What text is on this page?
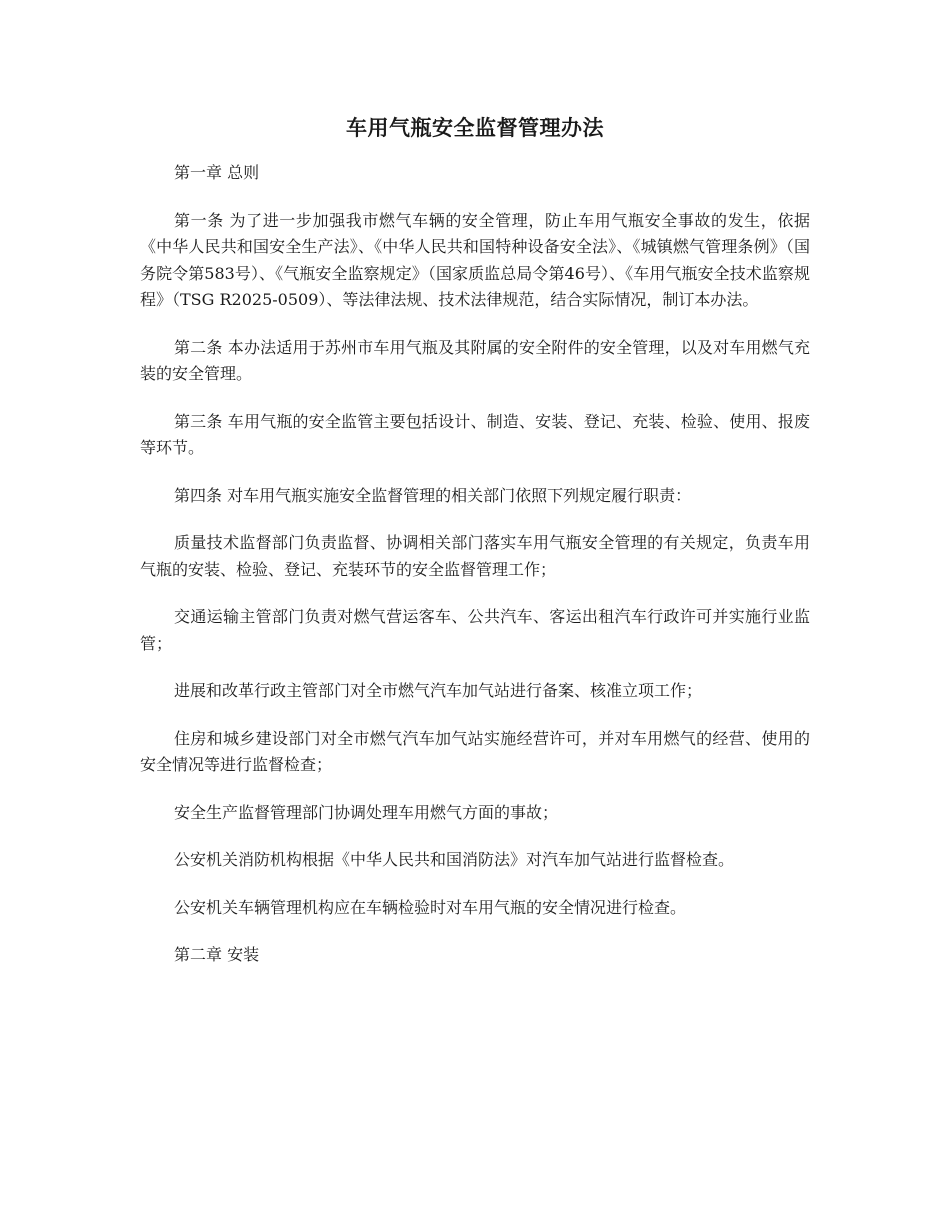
车用气瓶安全监督管理办法

第一章 总则

第一条 为了进一步加强我市燃气车辆的安全管理，防止车用气瓶安全事故的发生，依据《中华人民共和国安全生产法》、《中华人民共和国特种设备安全法》、《城镇燃气管理条例》（国务院令第583号）、《气瓶安全监察规定》（国家质监总局令第46号）、《车用气瓶安全技术监察规程》（TSG R2025-0509）、等法律法规、技术法律规范，结合实际情况，制订本办法。

第二条 本办法适用于苏州市车用气瓶及其附属的安全附件的安全管理，以及对车用燃气充装的安全管理。

第三条 车用气瓶的安全监管主要包括设计、制造、安装、登记、充装、检验、使用、报废等环节。

第四条 对车用气瓶实施安全监督管理的相关部门依照下列规定履行职责：

质量技术监督部门负责监督、协调相关部门落实车用气瓶安全管理的有关规定，负责车用气瓶的安装、检验、登记、充装环节的安全监督管理工作；

交通运输主管部门负责对燃气营运客车、公共汽车、客运出租汽车行政许可并实施行业监管；

进展和改革行政主管部门对全市燃气汽车加气站进行备案、核准立项工作；

住房和城乡建设部门对全市燃气汽车加气站实施经营许可，并对车用燃气的经营、使用的安全情况等进行监督检查；

安全生产监督管理部门协调处理车用燃气方面的事故；

公安机关消防机构根据《中华人民共和国消防法》对汽车加气站进行监督检查。

公安机关车辆管理机构应在车辆检验时对车用气瓶的安全情况进行检查。

第二章 安装
